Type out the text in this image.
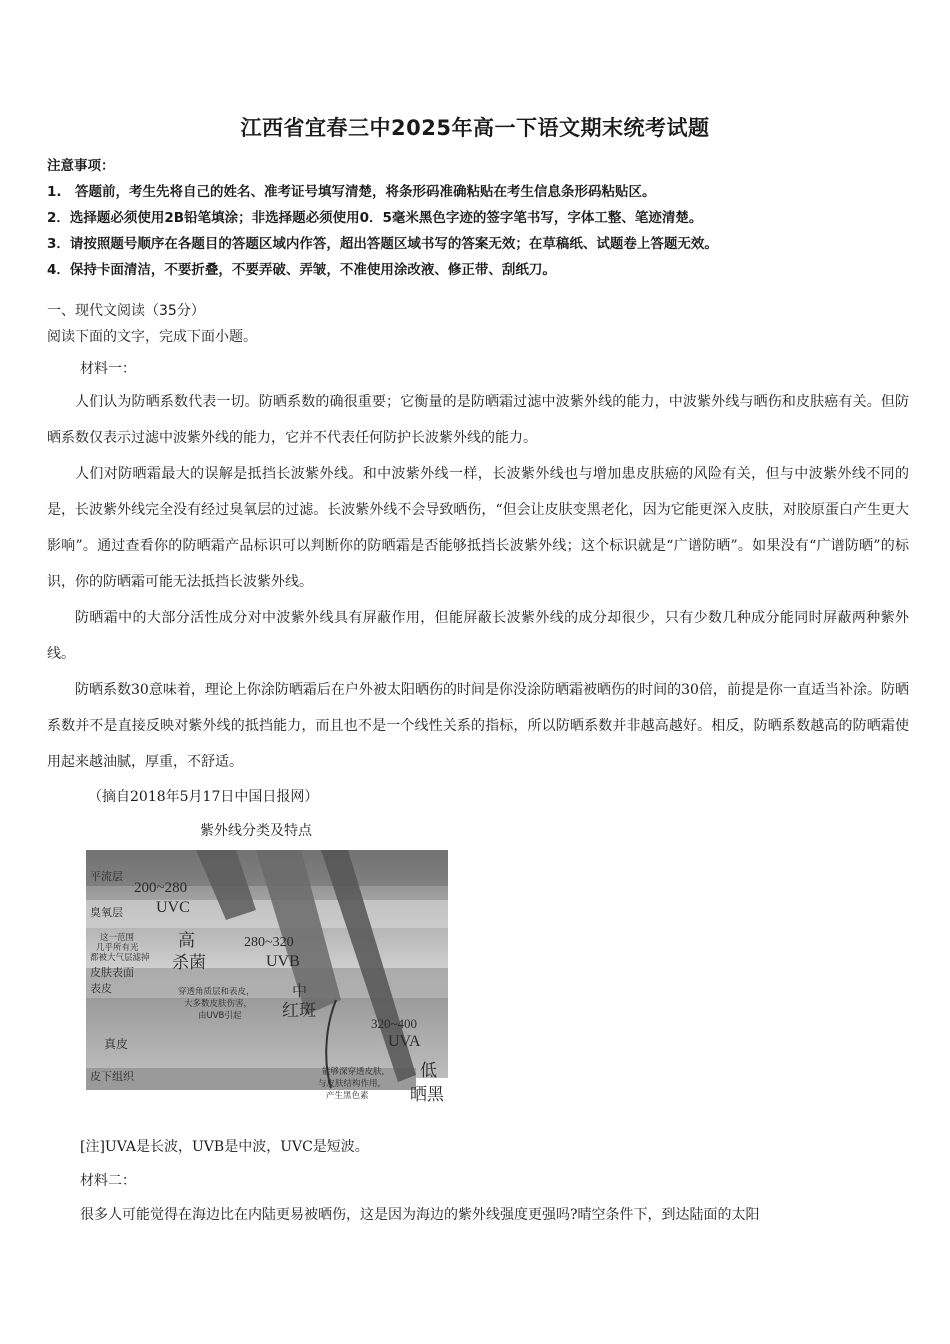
江西省宜春三中2025年高一下语文期末统考试题
注意事项：
1.　答题前，考生先将自己的姓名、准考证号填写清楚，将条形码准确粘贴在考生信息条形码粘贴区。
2．选择题必须使用2B铅笔填涂；非选择题必须使用0．5毫米黑色字迹的签字笔书写，字体工整、笔迹清楚。
3．请按照题号顺序在各题目的答题区域内作答，超出答题区域书写的答案无效；在草稿纸、试题卷上答题无效。
4．保持卡面清洁，不要折叠，不要弄破、弄皱，不准使用涂改液、修正带、刮纸刀。
一、现代文阅读（35分）
阅读下面的文字，完成下面小题。
材料一：
人们认为防晒系数代表一切。防晒系数的确很重要；它衡量的是防晒霜过滤中波紫外线的能力，中波紫外线与晒伤和皮肤癌有关。但防晒系数仅表示过滤中波紫外线的能力，它并不代表任何防护长波紫外线的能力。
人们对防晒霜最大的误解是抵挡长波紫外线。和中波紫外线一样，长波紫外线也与增加患皮肤癌的风险有关，但与中波紫外线不同的是，长波紫外线完全没有经过臭氧层的过滤。长波紫外线不会导致晒伤，“但会让皮肤变黑老化，因为它能更深入皮肤，对胶原蛋白产生更大影响”。通过查看你的防晒霜产品标识可以判断你的防晒霜是否能够抵挡长波紫外线；这个标识就是“广谱防晒”。如果没有“广谱防晒”的标识，你的防晒霜可能无法抵挡长波紫外线。
防晒霜中的大部分活性成分对中波紫外线具有屏蔽作用，但能屏蔽长波紫外线的成分却很少，只有少数几种成分能同时屏蔽两种紫外线。
防晒系数30意味着，理论上你涂防晒霜后在户外被太阳晒伤的时间是你没涂防晒霜被晒伤的时间的30倍，前提是你一直适当补涂。防晒系数并不是直接反映对紫外线的抵挡能力，而且也不是一个线性关系的指标，所以防晒系数并非越高越好。相反，防晒系数越高的防晒霜使用起来越油腻，厚重，不舒适。
（摘自2018年5月17日中国日报网）
紫外线分类及特点
平流层
臭氧层
皮肤表面
表皮
真皮
皮下组织
200~280
UVC
这一范围
几乎所有光
都被大气层滤掉
高
杀菌
280~320
UVB
穿透角质层和表皮，
大多数皮肤伤害，
由UVB引起
中
红斑
320~400
UVA
能够深穿透皮肤，
与皮肤结构作用，
产生黑色素
低
晒黑
[注]UVA是长波，UVB是中波，UVC是短波。
材料二：
很多人可能觉得在海边比在内陆更易被晒伤，这是因为海边的紫外线强度更强吗?晴空条件下，到达陆面的太阳
